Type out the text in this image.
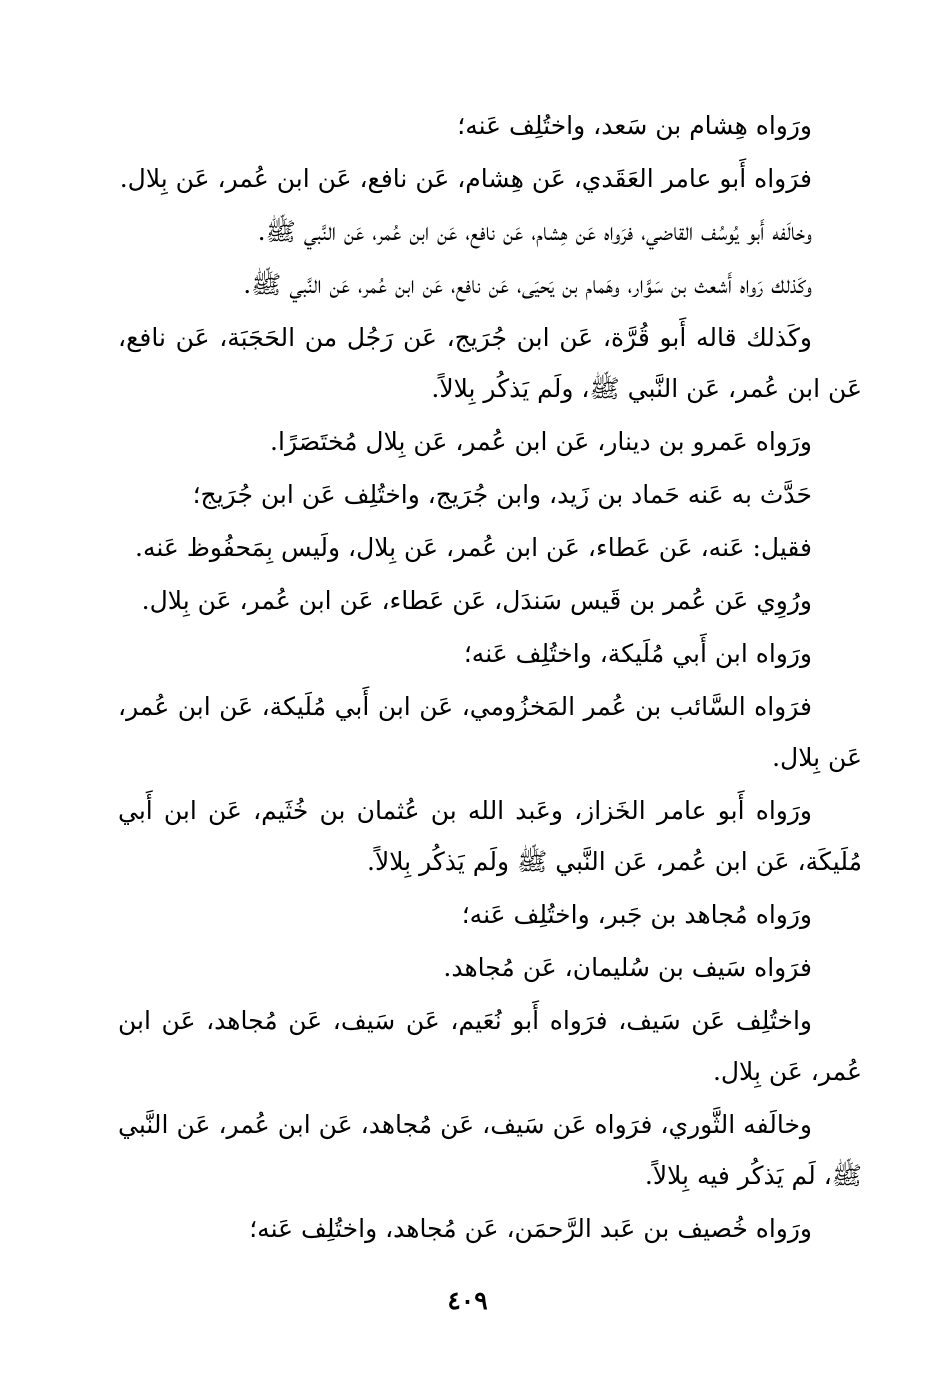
ورَواه هِشام بن سَعد، واختُلِف عَنه؛

فرَواه أَبو عامر العَقَدي، عَن هِشام، عَن نافع، عَن ابن عُمر، عَن بِلال.

وخالَفه أَبو يُوسُف القاضي، فرَواه عَن هِشام، عَن نافع، عَن ابن عُمر، عَن النَّبي ﷺ.

وكَذلك رَواه أَشعث بن سَوَّار، وهَمام بن يَحيَى، عَن نافع، عَن ابن عُمر، عَن النَّبي ﷺ.

وكَذلك قاله أَبو قُرَّة، عَن ابن جُرَيج، عَن رَجُل من الحَجَبَة، عَن نافع، عَن ابن عُمر، عَن النَّبي ﷺ، ولَم يَذكُر بِلالاً.

ورَواه عَمرو بن دينار، عَن ابن عُمر، عَن بِلال مُختَصَرًا.

حَدَّث به عَنه حَماد بن زَيد، وابن جُرَيج، واختُلِف عَن ابن جُرَيج؛

فقيل: عَنه، عَن عَطاء، عَن ابن عُمر، عَن بِلال، ولَيس بِمَحفُوظ عَنه.

ورُوِي عَن عُمر بن قَيس سَندَل، عَن عَطاء، عَن ابن عُمر، عَن بِلال.

ورَواه ابن أَبي مُلَيكة، واختُلِف عَنه؛

فرَواه السَّائب بن عُمر المَخزُومي، عَن ابن أَبي مُلَيكة، عَن ابن عُمر، عَن بِلال.

ورَواه أَبو عامر الخَزاز، وعَبد الله بن عُثمان بن خُثَيم، عَن ابن أَبي مُلَيكَة، عَن ابن عُمر، عَن النَّبي ﷺ ولَم يَذكُر بِلالاً.

ورَواه مُجاهد بن جَبر، واختُلِف عَنه؛

فرَواه سَيف بن سُليمان، عَن مُجاهد.

واختُلِف عَن سَيف، فرَواه أَبو نُعَيم، عَن سَيف، عَن مُجاهد، عَن ابن عُمر، عَن بِلال.

وخالَفه الثَّوري، فرَواه عَن سَيف، عَن مُجاهد، عَن ابن عُمر، عَن النَّبي ﷺ، لَم يَذكُر فيه بِلالاً.

ورَواه خُصيف بن عَبد الرَّحمَن، عَن مُجاهد، واختُلِف عَنه؛

٤٠٩
